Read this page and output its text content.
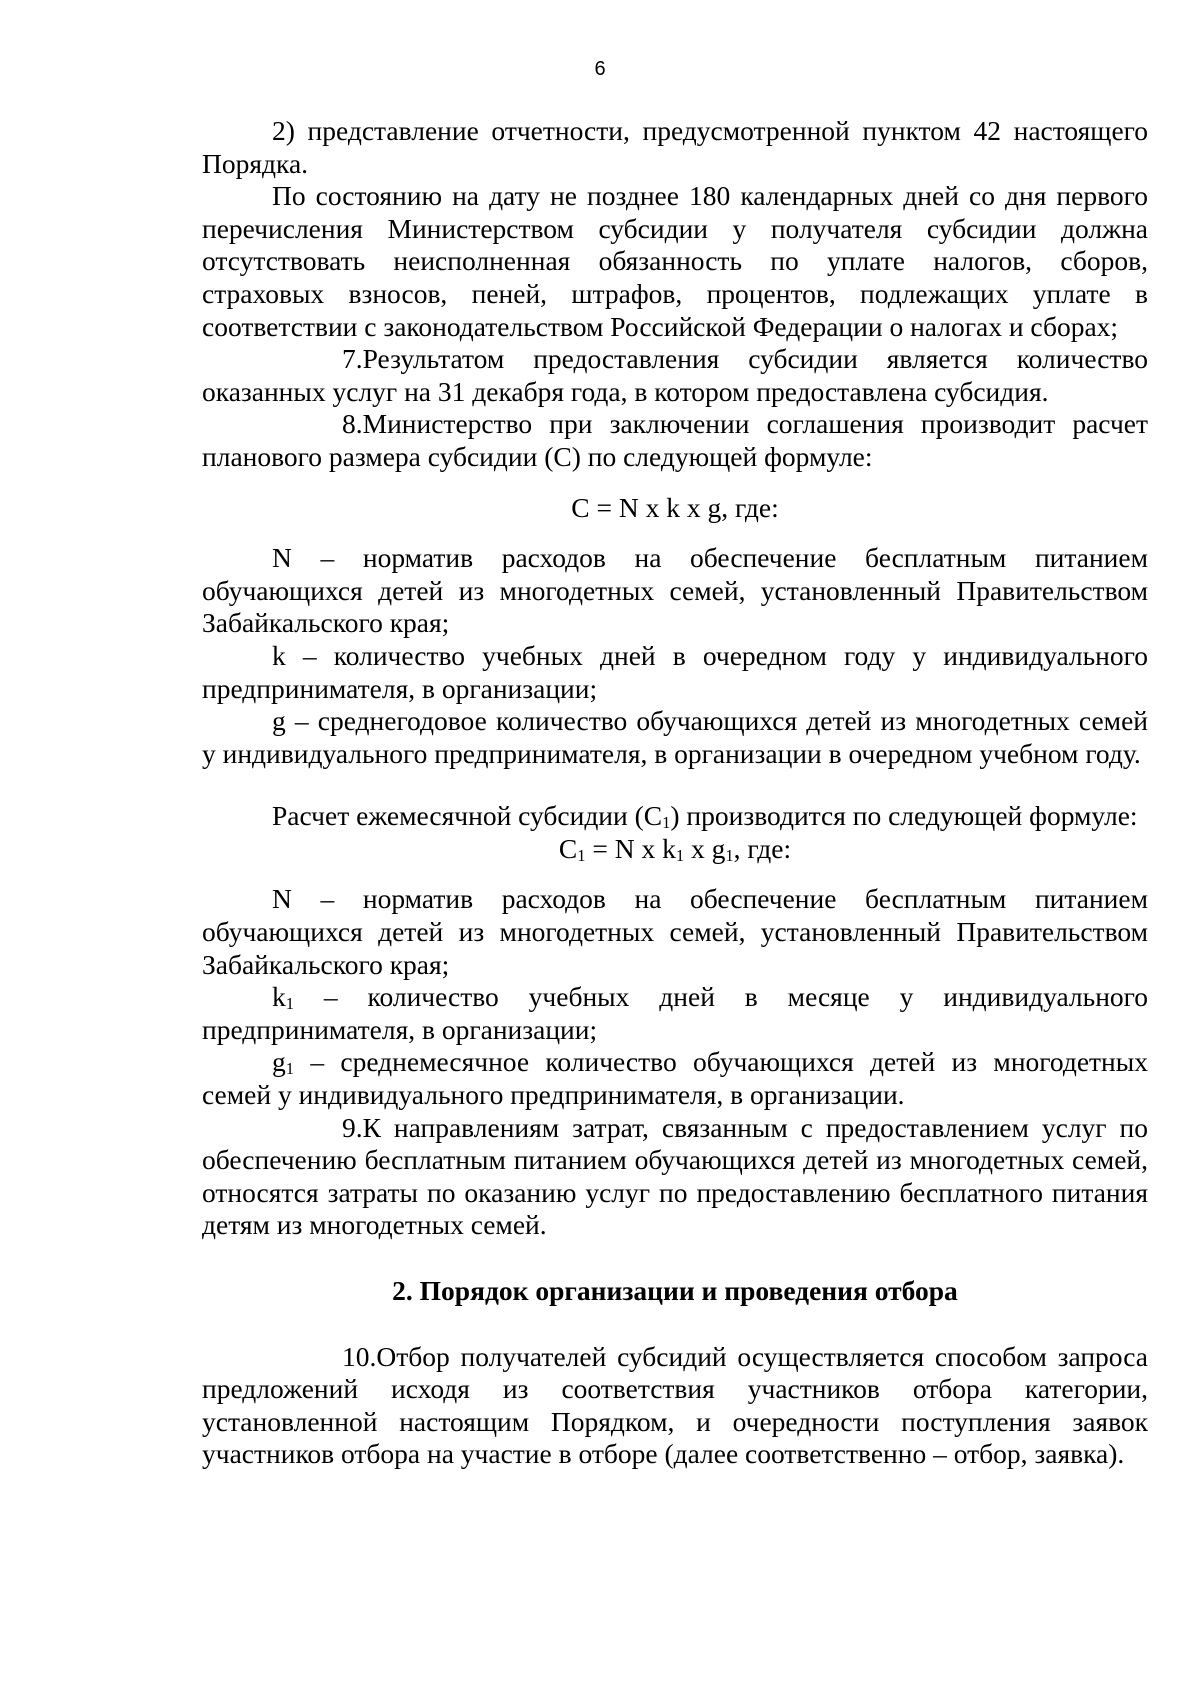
6

2) представление отчетности, предусмотренной пунктом 42 настоящего Порядка.

По состоянию на дату не позднее 180 календарных дней со дня первого перечисления Министерством субсидии у получателя субсидии должна отсутствовать неисполненная обязанность по уплате налогов, сборов, страховых взносов, пеней, штрафов, процентов, подлежащих уплате в соответствии с законодательством Российской Федерации о налогах и сборах;

7.Результатом предоставления субсидии является количество оказанных услуг на 31 декабря года, в котором предоставлена субсидия.

8.Министерство при заключении соглашения производит расчет планового размера субсидии (С) по следующей формуле:

С = N x k x g, где:

N – норматив расходов на обеспечение бесплатным питанием обучающихся детей из многодетных семей, установленный Правительством Забайкальского края;

k – количество учебных дней в очередном году у индивидуального предпринимателя, в организации;

g – среднегодовое количество обучающихся детей из многодетных семей у индивидуального предпринимателя, в организации в очередном учебном году.

Расчет ежемесячной субсидии $(С_1)$ производится по следующей формуле:

$С_1 = N$ x $k_1$ x $g_1$, где:

N – норматив расходов на обеспечение бесплатным питанием обучающихся детей из многодетных семей, установленный Правительством Забайкальского края;

$k_1$ – количество учебных дней в месяце у индивидуального предпринимателя, в организации;

$g_1$ – среднемесячное количество обучающихся детей из многодетных семей у индивидуального предпринимателя, в организации.

9.К направлениям затрат, связанным с предоставлением услуг по обеспечению бесплатным питанием обучающихся детей из многодетных семей, относятся затраты по оказанию услуг по предоставлению бесплатного питания детям из многодетных семей.

2. Порядок организации и проведения отбора

10.Отбор получателей субсидий осуществляется способом запроса предложений исходя из соответствия участников отбора категории, установленной настоящим Порядком, и очередности поступления заявок участников отбора на участие в отборе (далее соответственно – отбор, заявка).
